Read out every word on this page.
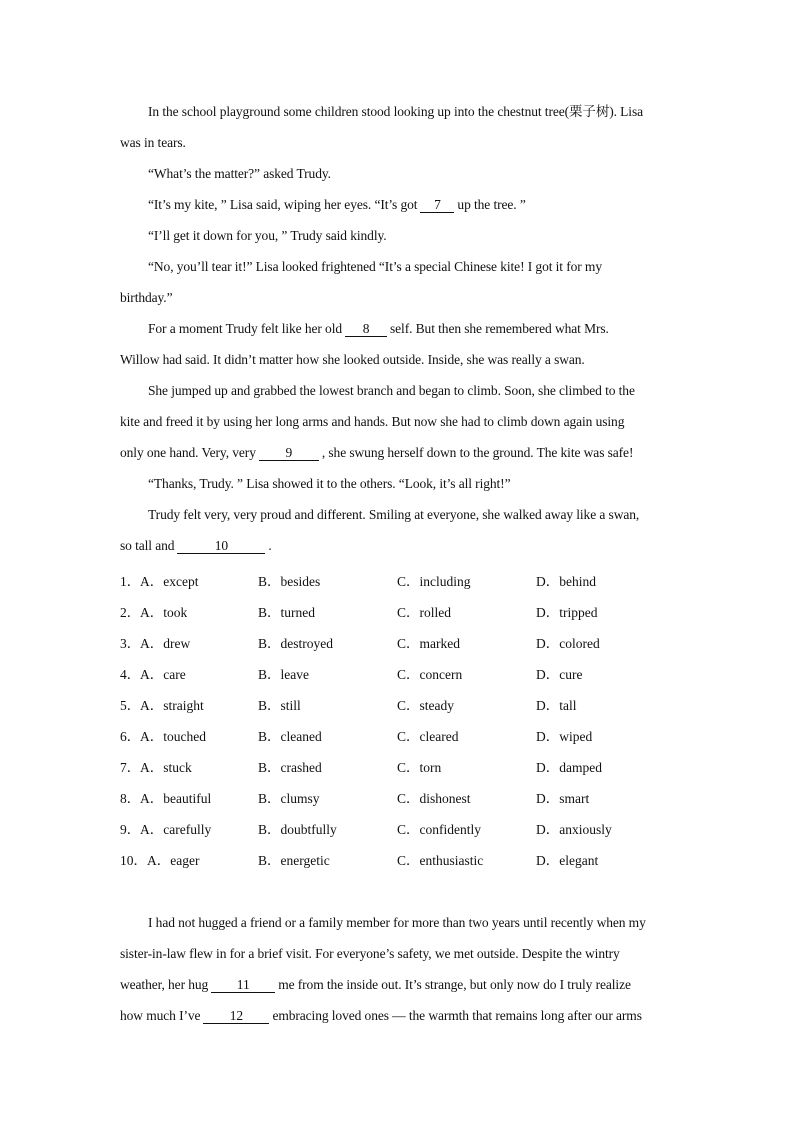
In the school playground some children stood looking up into the chestnut tree(栗子树). Lisa
was in tears.
“What’s the matter?” asked Trudy.
“It’s my kite, ” Lisa said, wiping her eyes. “It’s got 7 up the tree. ”
“I’ll get it down for you, ” Trudy said kindly.
“No, you’ll tear it!” Lisa looked frightened “It’s a special Chinese kite! I got it for my
birthday.”
For a moment Trudy felt like her old 8 self. But then she remembered what Mrs.
Willow had said. It didn’t matter how she looked outside. Inside, she was really a swan.
She jumped up and grabbed the lowest branch and began to climb. Soon, she climbed to the
kite and freed it by using her long arms and hands. But now she had to climb down again using
only one hand. Very, very 9 , she swung herself down to the ground. The kite was safe!
“Thanks, Trudy. ” Lisa showed it to the others. “Look, it’s all right!”
Trudy felt very, very proud and different. Smiling at everyone, she walked away like a swan,
so tall and	10	.
1． A．except	B．besides	C．including	D．behind
2． A．took	B．turned	C．rolled	D．tripped
3． A．drew	B．destroyed	C．marked	D．colored
4． A．care	B．leave	C．concern	D．cure
5． A．straight	B．still	C．steady	D．tall
6． A．touched	B．cleaned	C．cleared	D．wiped
7． A．stuck	B．crashed	C．torn	D．damped
8． A．beautiful	B．clumsy	C．dishonest	D．smart
9． A．carefully	B．doubtfully	C．confidently	D．anxiously
10． A．eager	B．energetic	C．enthusiastic	D．elegant
I had not hugged a friend or a family member for more than two years until recently when my
sister-in-law flew in for a brief visit. For everyone’s safety, we met outside. Despite the wintry
weather, her hug 11 me from the inside out. It’s strange, but only now do I truly realize
how much I’ve 12 embracing loved ones — the warmth that remains long after our arms
